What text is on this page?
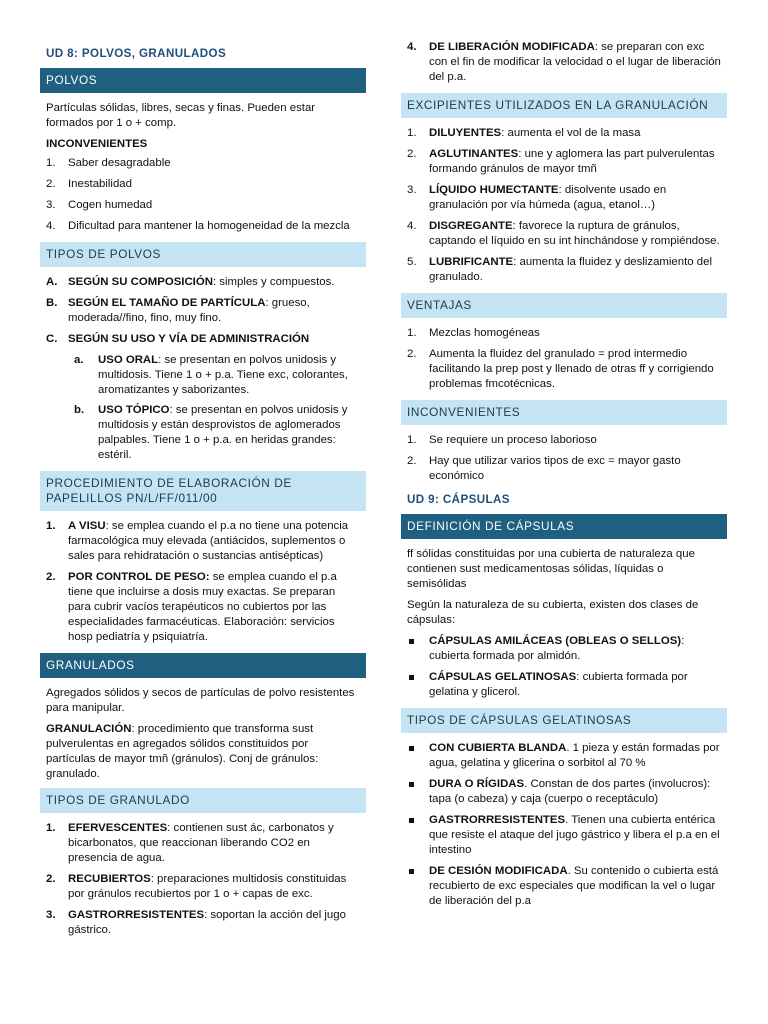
UD 8: POLVOS, GRANULADOS
POLVOS
Partículas sólidas, libres, secas y finas. Pueden estar formados por 1 o + comp.
INCONVENIENTES
1.	Saber desagradable
2.	Inestabilidad
3.	Cogen humedad
4.	Dificultad para mantener la homogeneidad de la mezcla
TIPOS DE POLVOS
A. SEGÚN SU COMPOSICIÓN: simples y compuestos.
B. SEGÚN EL TAMAÑO DE PARTÍCULA: grueso, moderada//fino, fino, muy fino.
C. SEGÚN SU USO Y VÍA DE ADMINISTRACIÓN
a.	USO ORAL: se presentan en polvos unidosis y multidosis. Tiene 1 o + p.a. Tiene exc, colorantes, aromatizantes y saborizantes.
b.	USO TÓPICO: se presentan en polvos unidosis y multidosis y están desprovistos de aglomerados palpables. Tiene 1 o + p.a. en heridas grandes: estéril.
PROCEDIMIENTO DE ELABORACIÓN DE PAPELILLOS PN/L/FF/011/00
1.	A VISU: se emplea cuando el p.a no tiene una potencia farmacológica muy elevada (antiácidos, suplementos o sales para rehidratación o sustancias antisépticas)
2.	POR CONTROL DE PESO: se emplea cuando el p.a tiene que incluirse a dosis muy exactas. Se preparan para cubrir vacíos terapéuticos no cubiertos por las especialidades farmacéuticas. Elaboración: servicios hosp pediatría y psiquiatría.
GRANULADOS
Agregados sólidos y secos de partículas de polvo resistentes para manipular.
GRANULACIÓN: procedimiento que transforma sust pulverulentas en agregados sólidos constituidos por partículas de mayor tmñ (gránulos). Conj de gránulos: granulado.
TIPOS DE GRANULADO
1.	EFERVESCENTES: contienen sust ác, carbonatos y bicarbonatos, que reaccionan liberando CO2 en presencia de agua.
2.	RECUBIERTOS: preparaciones multidosis constituidas por gránulos recubiertos por 1 o + capas de exc.
3.	GASTRORRESISTENTES: soportan la acción del jugo gástrico.
4.	DE LIBERACIÓN MODIFICADA: se preparan con exc con el fin de modificar la velocidad o el lugar de liberación del p.a.
EXCIPIENTES UTILIZADOS EN LA GRANULACIÓN
1.	DILUYENTES: aumenta el vol de la masa
2.	AGLUTINANTES: une y aglomera las part pulverulentas formando gránulos de mayor tmñ
3.	LÍQUIDO HUMECTANTE: disolvente usado en granulación por vía húmeda (agua, etanol…)
4.	DISGREGANTE: favorece la ruptura de gránulos, captando el líquido en su int hinchándose y rompiéndose.
5.	LUBRIFICANTE: aumenta la fluidez y deslizamiento del granulado.
VENTAJAS
1.	Mezclas homogéneas
2.	Aumenta la fluidez del granulado = prod intermedio facilitando la prep post y llenado de otras ff y corrigiendo problemas fmcotécnicas.
INCONVENIENTES
1.	Se requiere un proceso laborioso
2.	Hay que utilizar varios tipos de exc = mayor gasto económico
UD 9: CÁPSULAS
DEFINICIÓN DE CÁPSULAS
ff sólidas constituidas por una cubierta de naturaleza que contienen sust medicamentosas sólidas, líquidas o semisólidas
Según la naturaleza de su cubierta, existen dos clases de cápsulas:
CÁPSULAS AMILÁCEAS (OBLEAS O SELLOS): cubierta formada por almidón.
CÁPSULAS GELATINOSAS: cubierta formada por gelatina y glicerol.
TIPOS DE CÁPSULAS GELATINOSAS
CON CUBIERTA BLANDA. 1 pieza y están formadas por agua, gelatina y glicerina o sorbitol al 70 %
DURA O RÍGIDAS. Constan de dos partes (involucros): tapa (o cabeza) y caja (cuerpo o receptáculo)
GASTRORRESISTENTES. Tienen una cubierta entérica que resiste el ataque del jugo gástrico y libera el p.a en el intestino
DE CESIÓN MODIFICADA. Su contenido o cubierta está recubierto de exc especiales que modifican la vel o lugar de liberación del p.a
